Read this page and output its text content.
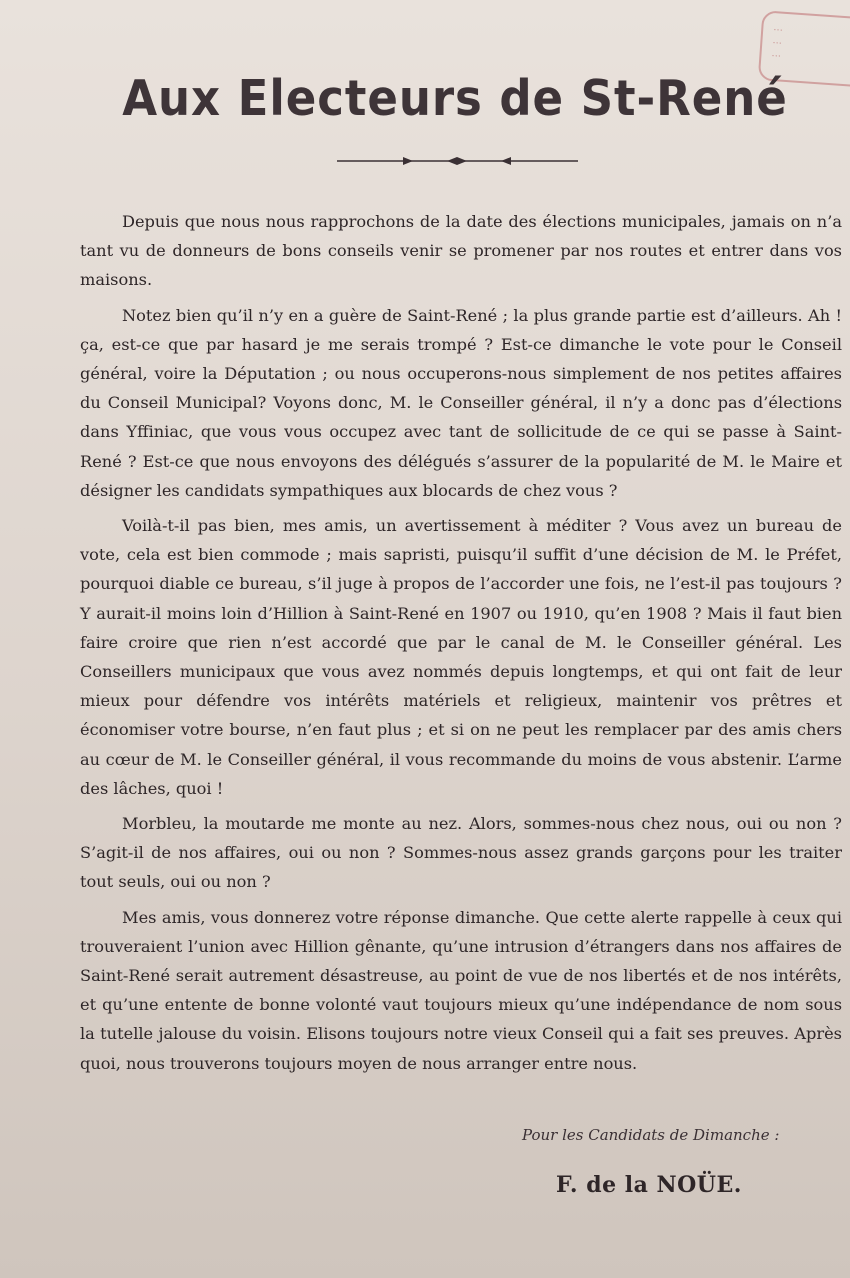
...
...
...
Aux Electeurs de St-René

Depuis que nous nous rapprochons de la date des élections municipales, jamais on n’a tant vu de donneurs de bons conseils venir se promener par nos routes et entrer dans vos maisons.

Notez bien qu’il n’y en a guère de Saint-René ; la plus grande partie est d’ailleurs. Ah ! ça, est-ce que par hasard je me serais trompé ? Est-ce dimanche le vote pour le Conseil général, voire la Députation ; ou nous occuperons-nous simplement de nos petites affaires du Conseil Municipal? Voyons donc, M. le Conseiller général, il n’y a donc pas d’élections dans Yffiniac, que vous vous occupez avec tant de sollicitude de ce qui se passe à Saint-René ? Est-ce que nous envoyons des délégués s’assurer de la popularité de M. le Maire et désigner les candidats sympathiques aux blocards de chez vous ?

Voilà-t-il pas bien, mes amis, un avertissement à méditer ? Vous avez un bureau de vote, cela est bien commode ; mais sapristi, puisqu’il suffit d’une décision de M. le Préfet, pourquoi diable ce bureau, s’il juge à propos de l’accorder une fois, ne l’est-il pas toujours ? Y aurait-il moins loin d’Hillion à Saint-René en 1907 ou 1910, qu’en 1908 ? Mais il faut bien faire croire que rien n’est accordé que par le canal de M. le Conseiller général. Les Conseillers municipaux que vous avez nommés depuis longtemps, et qui ont fait de leur mieux pour défendre vos intérêts matériels et religieux, maintenir vos prêtres et économiser votre bourse, n’en faut plus ; et si on ne peut les remplacer par des amis chers au cœur de M. le Conseiller général, il vous recommande du moins de vous abstenir. L’arme des lâches, quoi !

Morbleu, la moutarde me monte au nez. Alors, sommes-nous chez nous, oui ou non ? S’agit-il de nos affaires, oui ou non ? Sommes-nous assez grands garçons pour les traiter tout seuls, oui ou non ?

Mes amis, vous donnerez votre réponse dimanche. Que cette alerte rappelle à ceux qui trouveraient l’union avec Hillion gênante, qu’une intrusion d’étrangers dans nos affaires de Saint-René serait autrement désastreuse, au point de vue de nos libertés et de nos intérêts, et qu’une entente de bonne volonté vaut toujours mieux qu’une indépendance de nom sous la tutelle jalouse du voisin. Elisons toujours notre vieux Conseil qui a fait ses preuves. Après quoi, nous trouverons toujours moyen de nous arranger entre nous.

Pour les Candidats de Dimanche :
F. de la NOÜE.
